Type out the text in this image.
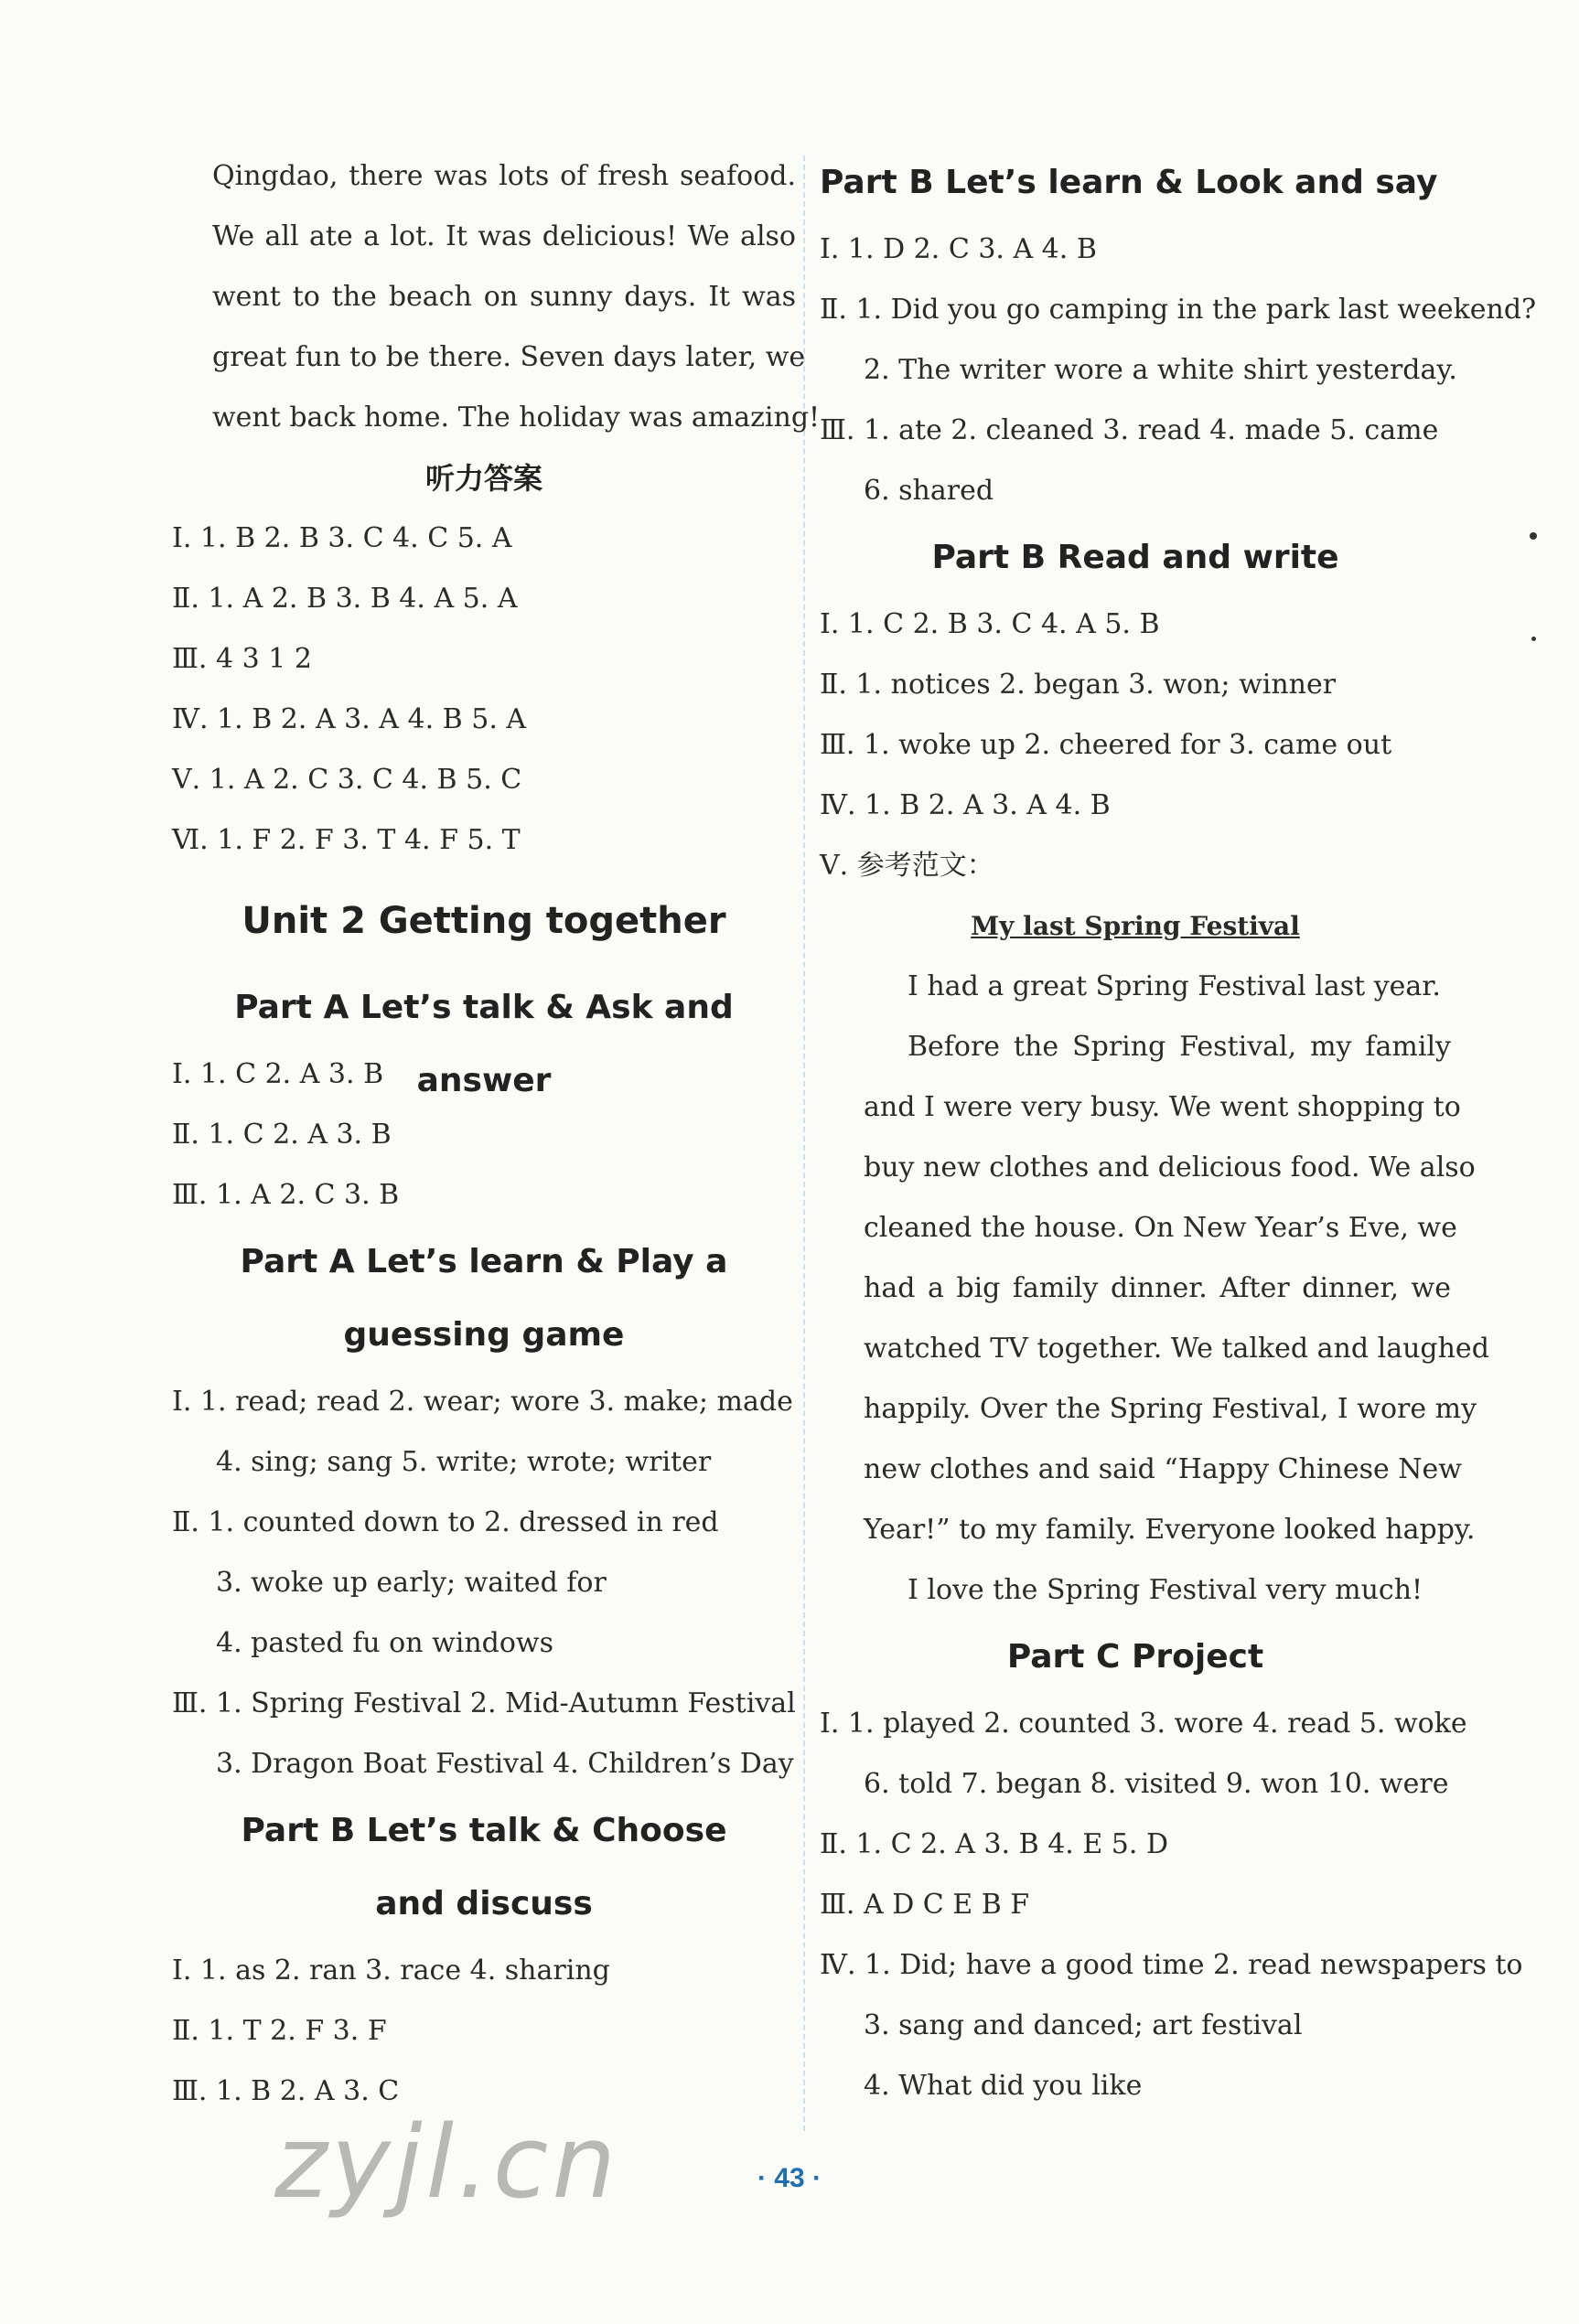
Qingdao, there was lots of fresh seafood.
We all ate a lot. It was delicious! We also
went to the beach on sunny days. It was
great fun to be there. Seven days later, we
went back home. The holiday was amazing!
听力答案
Ⅰ. 1. B 2. B 3. C 4. C 5. A
Ⅱ. 1. A 2. B 3. B 4. A 5. A
Ⅲ. 4 3 1 2
Ⅳ. 1. B 2. A 3. A 4. B 5. A
Ⅴ. 1. A 2. C 3. C 4. B 5. C
Ⅵ. 1. F 2. F 3. T 4. F 5. T
Unit 2 Getting together
Part A Let’s talk & Ask and answer
Ⅰ. 1. C 2. A 3. B
Ⅱ. 1. C 2. A 3. B
Ⅲ. 1. A 2. C 3. B
Part A Let’s learn & Play a
guessing game
Ⅰ. 1. read; read 2. wear; wore 3. make; made
4. sing; sang 5. write; wrote; writer
Ⅱ. 1. counted down to 2. dressed in red
3. woke up early; waited for
4. pasted fu on windows
Ⅲ. 1. Spring Festival 2. Mid-Autumn Festival
3. Dragon Boat Festival 4. Children’s Day
Part B Let’s talk & Choose
and discuss
Ⅰ. 1. as 2. ran 3. race 4. sharing
Ⅱ. 1. T 2. F 3. F
Ⅲ. 1. B 2. A 3. C
Part B Let’s learn & Look and say
Ⅰ. 1. D 2. C 3. A 4. B
Ⅱ. 1. Did you go camping in the park last weekend?
2. The writer wore a white shirt yesterday.
Ⅲ. 1. ate 2. cleaned 3. read 4. made 5. came
6. shared
Part B Read and write
Ⅰ. 1. C 2. B 3. C 4. A 5. B
Ⅱ. 1. notices 2. began 3. won; winner
Ⅲ. 1. woke up 2. cheered for 3. came out
Ⅳ. 1. B 2. A 3. A 4. B
Ⅴ. 参考范文：
My last Spring Festival
I had a great Spring Festival last year.
Before the Spring Festival, my family
and I were very busy. We went shopping to
buy new clothes and delicious food. We also
cleaned the house. On New Year’s Eve, we
had a big family dinner. After dinner, we
watched TV together. We talked and laughed
happily. Over the Spring Festival, I wore my
new clothes and said “Happy Chinese New
Year!” to my family. Everyone looked happy.
I love the Spring Festival very much!
Part C Project
Ⅰ. 1. played 2. counted 3. wore 4. read 5. woke
6. told 7. began 8. visited 9. won 10. were
Ⅱ. 1. C 2. A 3. B 4. E 5. D
Ⅲ. A D C E B F
Ⅳ. 1. Did; have a good time 2. read newspapers to
3. sang and danced; art festival
4. What did you like
zyjl.cn	· 43 ·
